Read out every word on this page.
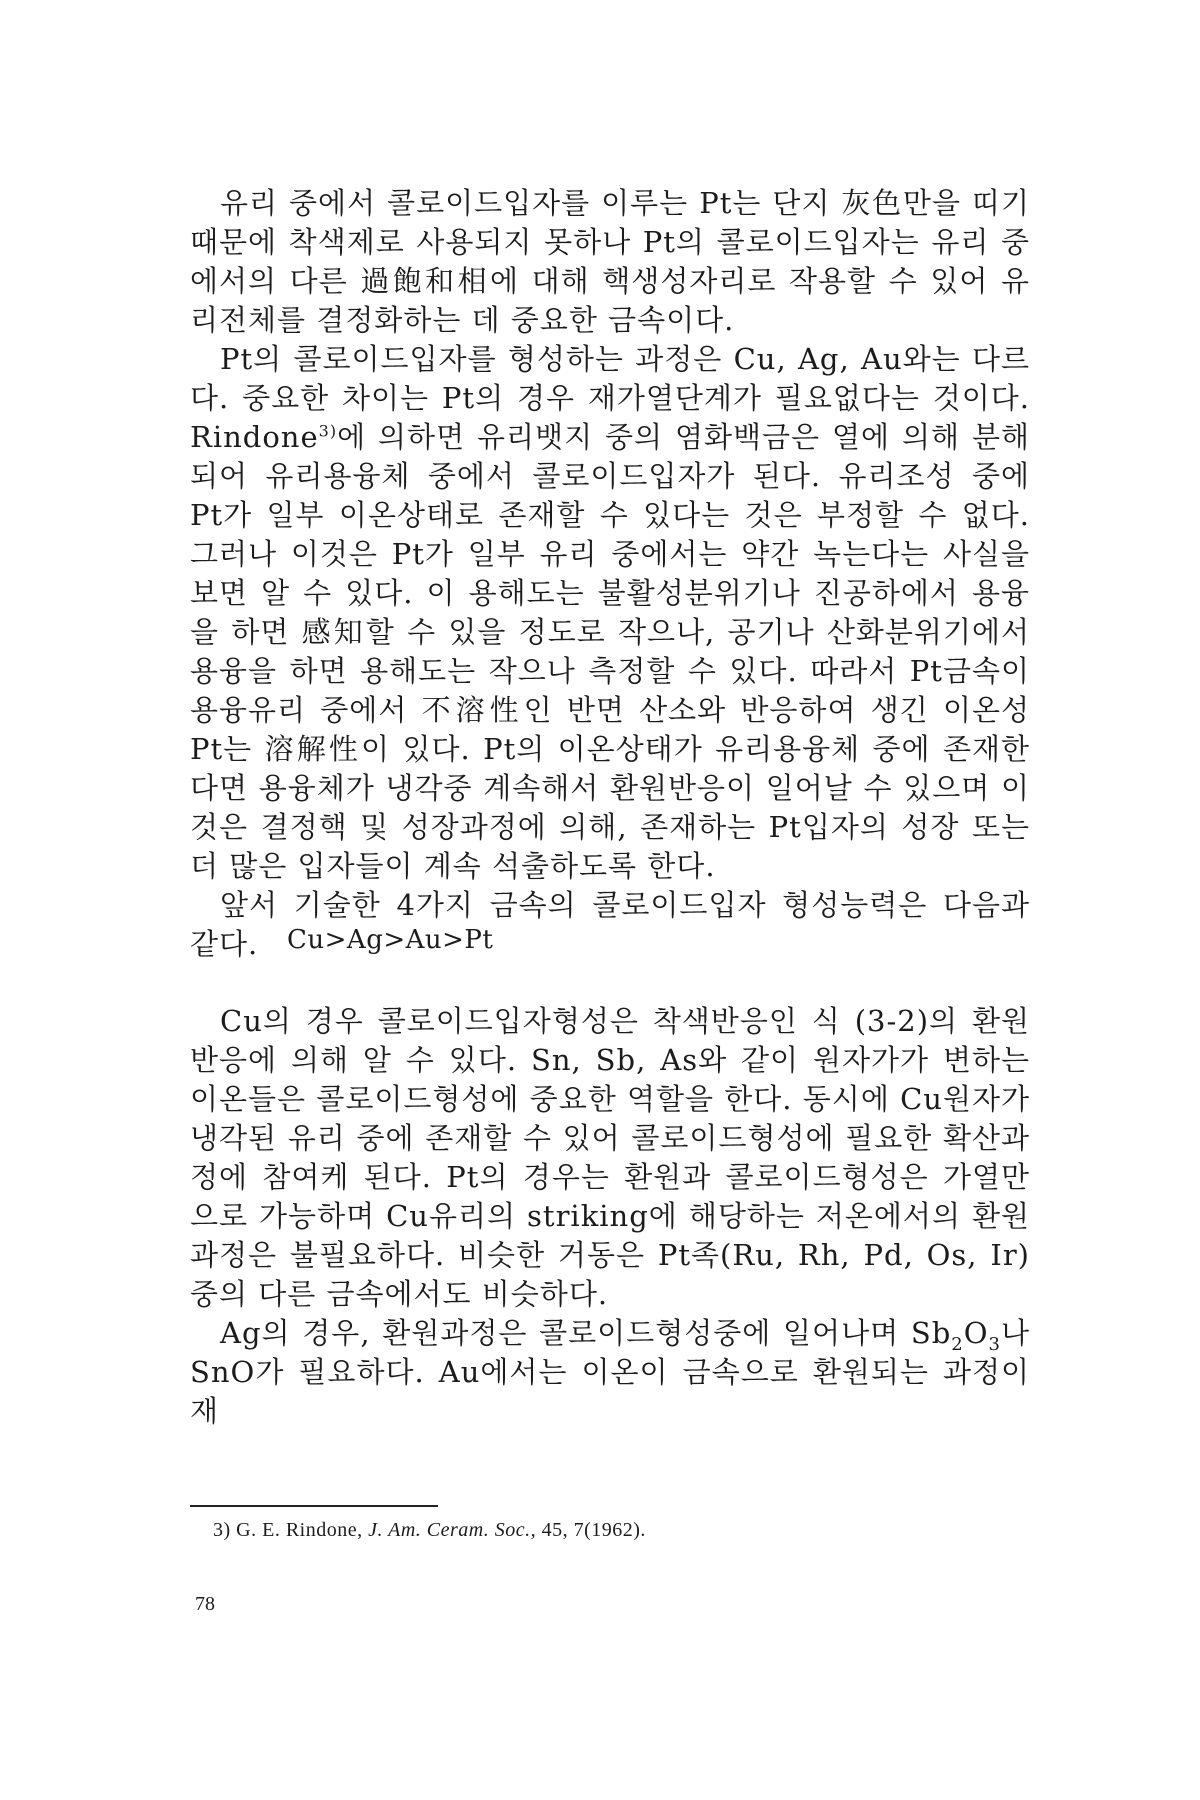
유리 중에서 콜로이드입자를 이루는 Pt는 단지 灰色만을 띠기 때문에 착색제로 사용되지 못하나 Pt의 콜로이드입자는 유리 중에서의 다른 過飽和相에 대해 핵생성자리로 작용할 수 있어 유리전체를 결정화하는 데 중요한 금속이다.

Pt의 콜로이드입자를 형성하는 과정은 Cu, Ag, Au와는 다르다. 중요한 차이는 Pt의 경우 재가열단계가 필요없다는 것이다. Rindone$^{3)}$에 의하면 유리뱃지 중의 염화백금은 열에 의해 분해되어 유리용융체 중에서 콜로이드입자가 된다. 유리조성 중에 Pt가 일부 이온상태로 존재할 수 있다는 것은 부정할 수 없다. 그러나 이것은 Pt가 일부 유리 중에서는 약간 녹는다는 사실을 보면 알 수 있다. 이 용해도는 불활성분위기나 진공하에서 용융을 하면 感知할 수 있을 정도로 작으나, 공기나 산화분위기에서 용융을 하면 용해도는 작으나 측정할 수 있다. 따라서 Pt금속이 용융유리 중에서 不溶性인 반면 산소와 반응하여 생긴 이온성 Pt는 溶解性이 있다. Pt의 이온상태가 유리용융체 중에 존재한다면 용융체가 냉각중 계속해서 환원반응이 일어날 수 있으며 이것은 결정핵 및 성장과정에 의해, 존재하는 Pt입자의 성장 또는 더 많은 입자들이 계속 석출하도록 한다.

앞서 기술한 4가지 금속의 콜로이드입자 형성능력은 다음과 같다.	Cu>Ag>Au>Pt

Cu의 경우 콜로이드입자형성은 착색반응인 식 (3-2)의 환원반응에 의해 알 수 있다. Sn, Sb, As와 같이 원자가가 변하는 이온들은 콜로이드형성에 중요한 역할을 한다. 동시에 Cu원자가 냉각된 유리 중에 존재할 수 있어 콜로이드형성에 필요한 확산과정에 참여케 된다. Pt의 경우는 환원과 콜로이드형성은 가열만으로 가능하며 Cu유리의 striking에 해당하는 저온에서의 환원과정은 불필요하다. 비슷한 거동은 Pt족(Ru, Rh, Pd, Os, Ir) 중의 다른 금속에서도 비슷하다.

Ag의 경우, 환원과정은 콜로이드형성중에 일어나며 $Sb_2O_3$나 SnO가 필요하다. Au에서는 이온이 금속으로 환원되는 과정이 재

3) G. E. Rindone, J. Am. Ceram. Soc., 45, 7(1962).
78
